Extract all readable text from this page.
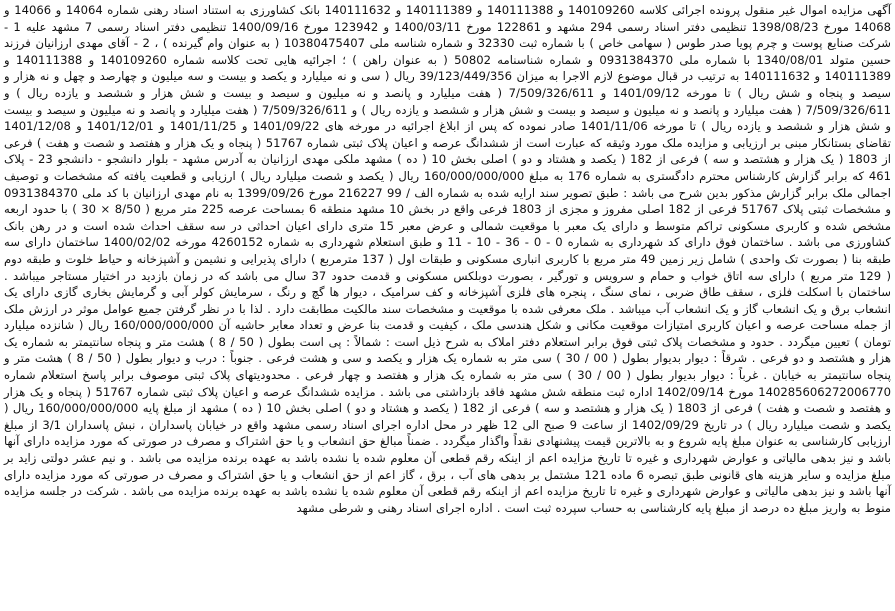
آگهی مزایده اموال غیر منقول پرونده اجرائی کلاسه 140109260 و 140111388 و 140111389 و 140111632 بانک کشاورزی به استناد اسناد رهنی شماره 14064 و 14066 و 14068 مورخ 1398/08/23 تنظیمی دفتر اسناد رسمی 294 مشهد و 122861 مورخ 1400/03/11 و 123942 مورخ 1400/09/16 تنظیمی دفتر اسناد رسمی 7 مشهد علیه 1 - شرکت صنایع پوست و چرم پویا صدر طوس ( سهامی خاص ) با شماره ثبت 32330 و شماره شناسه ملی 10380475407 ( به عنوان وام گیرنده ) ، 2 - آقای مهدی ارزانیان فرزند حسین متولد 1340/08/01 با شماره ملی 0931384370 و شماره شناسنامه 50802 ( به عنوان راهن ) ؛ اجرائیه هایی تحت کلاسه شماره 140109260 و 140111388 و 140111389 و 140111632 به ترتیب در قبال موضوع لازم الاجرا به میزان 39/123/449/356 ریال ( سی و نه میلیارد و یکصد و بیست و سه میلیون و چهارصد و چهل و نه هزار و سیصد و پنجاه و شش ریال ) تا مورخه 1401/09/12 و 7/509/326/611 ( هفت میلیارد و پانصد و نه میلیون و سیصد و بیست و شش هزار و ششصد و یازده ریال ) و 7/509/326/611 ( هفت میلیارد و پانصد و نه میلیون و سیصد و بیست و شش هزار و ششصد و یازده ریال ) و 7/509/326/611 ( هفت میلیارد و پانصد و نه میلیون و سیصد و بیست و شش هزار و ششصد و یازده ریال ) تا مورخه 1401/11/06 صادر نموده که پس از ابلاغ اجرائیه در مورخه های 1401/09/22 و 1401/11/25 و 1401/12/01 و 1401/12/08 تقاضای بستانکار مبنی بر ارزیابی و مزایده ملک مورد وثیقه که عبارت است از ششدانگ عرصه و اعیان پلاک ثبتی شماره 51767 ( پنجاه و یک هزار و هفتصد و شصت و هفت ) فرعی از 1803 ( یک هزار و هشتصد و سه ) فرعی از 182 ( یکصد و هشتاد و دو ) اصلی بخش 10 ( ده ) مشهد ملکی مهدی ارزانیان به آدرس مشهد - بلوار دانشجو - دانشجو 23 - پلاک 461 که برابر گزارش کارشناس محترم دادگستری به شماره 176 به مبلغ 160/000/000/000 ریال ( یکصد و شصت میلیارد ریال ) ارزیابی و قطعیت یافته که مشخصات و توصیف اجمالی ملک برابر گزارش مذکور بدین شرح می باشد : طبق تصویر سند ارایه شده به شماره الف / 99 216227 مورخ 1399/09/26 به نام مهدی ارزانیان با کد ملی 0931384370 و مشخصات ثبتی پلاک 51767 فرعی از 182 اصلی مفروز و مجزی از 1803 فرعی واقع در بخش 10 مشهد منطقه 6 بمساحت عرصه 225 متر مربع ( 8/50 × 30 ) با حدود اربعه مشخص شده و کاربری مسکونی تراکم متوسط و دارای یک معبر با موقعیت شمالی و عرض معبر 15 متری دارای اعیان احداثی در سه سقف احداث شده است و در رهن بانک کشاورزی می باشد . ساختمان فوق دارای کد شهرداری به شماره 0 - 0 - 36 - 10 - 11 و طبق استعلام شهرداری به شماره 4260152 مورخه 1400/02/02 ساختمان دارای سه طبقه بنا ( بصورت تک واحدی ) شامل زیر زمین 49 متر مربع با کاربری انباری مسکونی و طبقات اول ( 137 مترمربع ) دارای پذیرایی و نشیمن و آشپزخانه و حیاط خلوت و طبقه دوم ( 129 متر مربع ) دارای سه اتاق خواب و حمام و سرویس و تورگیر ، بصورت دوبلکس مسکونی و قدمت حدود 37 سال می باشد که در زمان بازدید در اختیار مستاجر میباشد . ساختمان با اسکلت فلزی ، سقف طاق ضربی ، نمای سنگ ، پنجره های فلزی آشپزخانه و کف سرامیک ، دیوار ها گچ و رنگ ، سرمایش کولر آبی و گرمایش بخاری گازی دارای یک انشعاب برق و یک انشعاب گاز و یک انشعاب آب میباشد . ملک معرفی شده با موقعیت و مشخصات سند مالکیت مطابقت دارد . لذا با در نظر گرفتن جمیع عوامل موثر در ارزش ملک از جمله مساحت عرصه و اعیان کاربری امتیازات موقعیت مکانی و شکل هندسی ملک ، کیفیت و قدمت بنا عرض و تعداد معابر حاشیه آن 160/000/000/000 ریال ( شانزده میلیارد تومان ) تعیین میگردد . حدود و مشخصات پلاک ثبتی فوق برابر استعلام دفتر املاک به شرح ذیل است : شمالاً : پی است بطول ( 50 / 8 ) هشت متر و پنجاه سانتیمتر به شماره یک هزار و هشتصد و دو فرعی . شرقاً : دیوار بدیوار بطول ( 00 / 30 ) سی متر به شماره یک هزار و یکصد و سی و هشت فرعی . جنوباً : درب و دیوار بطول ( 50 / 8 ) هشت متر و پنجاه سانتیمتر به خیابان . غرباً : دیوار بدیوار بطول ( 00 / 30 ) سی متر به شماره یک هزار و هفتصد و چهار فرعی . محدودیتهای پلاک ثبتی موصوف برابر پاسخ استعلام شماره 140285606272006770 مورخ 1402/09/14 اداره ثبت منطقه شش مشهد فاقد بازداشتی می باشد . مزایده ششدانگ عرصه و اعیان پلاک ثبتی شماره 51767 ( پنجاه و یک هزار و هفتصد و شصت و هفت ) فرعی از 1803 ( یک هزار و هشتصد و سه ) فرعی از 182 ( یکصد و هشتاد و دو ) اصلی بخش 10 ( ده ) مشهد از مبلغ پایه 160/000/000/000 ریال ( یکصد و شصت میلیارد ریال ) در تاریخ 1402/09/29 از ساعت 9 صبح الی 12 ظهر در محل اداره اجرای اسناد رسمی مشهد واقع در خیابان پاسداران ، نبش پاسداران 3/1 از مبلغ ارزیابی کارشناسی به عنوان مبلغ پایه شروع و به بالاترین قیمت پیشنهادی نقداً واگذار میگردد . ضمناً مبالغ حق انشعاب و یا حق اشتراک و مصرف در صورتی که مورد مزایده دارای آنها باشد و نیز بدهی مالیاتی و عوارض شهرداری و غیره تا تاریخ مزایده اعم از اینکه رقم قطعی آن معلوم شده یا نشده باشد به عهده برنده مزایده می باشد . و نیم عشر دولتی زاید بر مبلغ مزایده و سایر هزینه های قانونی طبق تبصره 6 ماده 121 مشتمل بر بدهی های آب ، برق ، گاز اعم از حق انشعاب و یا حق اشتراک و مصرف در صورتی که مورد مزایده دارای آنها باشد و نیز بدهی مالیاتی و عوارض شهرداری و غیره تا تاریخ مزایده اعم از اینکه رقم قطعی آن معلوم شده یا نشده باشد به عهده برنده مزایده می باشد . شرکت در جلسه مزایده منوط به واریز مبلغ ده درصد از مبلغ پایه کارشناسی به حساب سپرده ثبت است . اداره اجرای اسناد رهنی و شرطی مشهد
